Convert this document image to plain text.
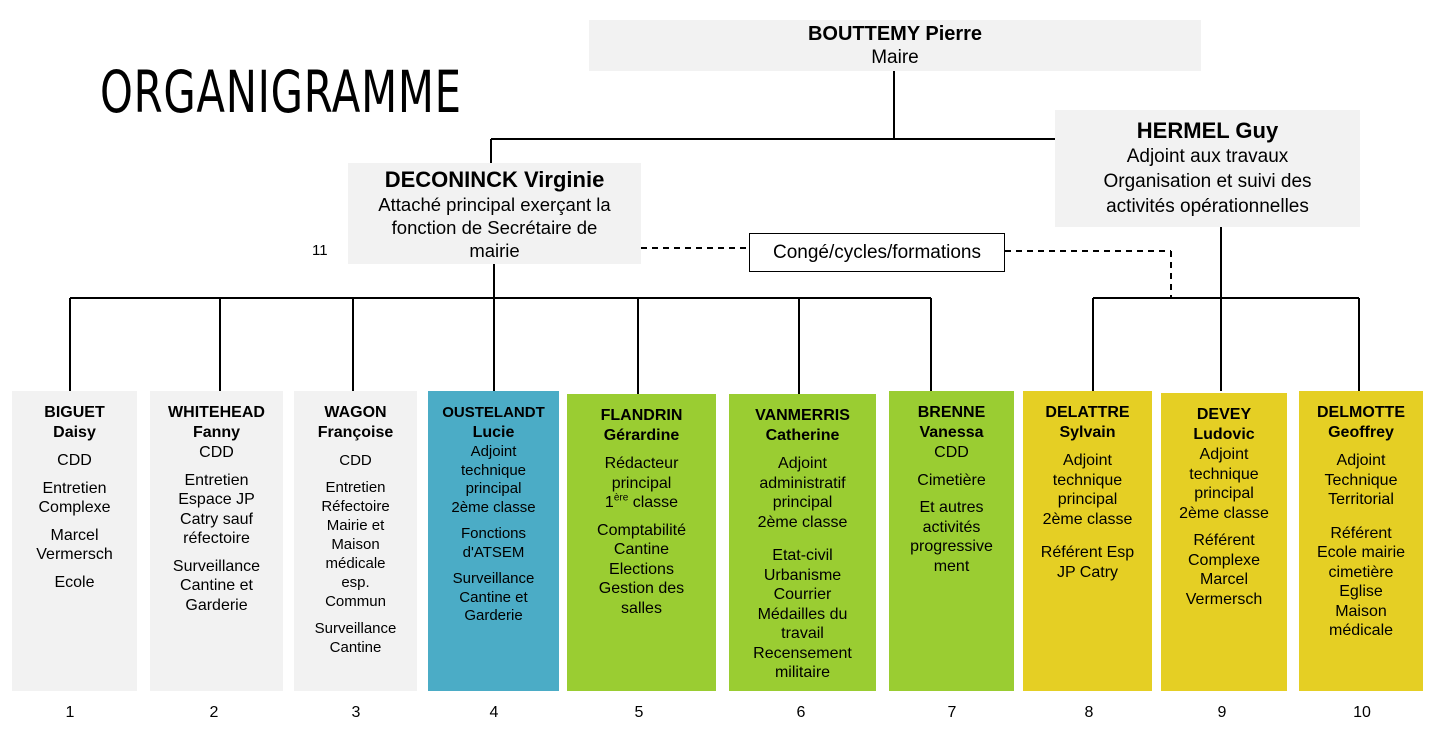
ORGANIGRAMME
BOUTTEMY Pierre
Maire
HERMEL Guy
Adjoint aux travaux
Organisation et suivi des
activités opérationnelles
DECONINCK Virginie
Attaché principal exerçant la
fonction de Secrétaire de
mairie
11	Congé/cycles/formations
BIGUET
Daisy
CDD
Entretien
Complexe
Marcel
Vermersch
Ecole
WHITEHEAD
Fanny
CDD
Entretien
Espace JP
Catry sauf
réfectoire
Surveillance
Cantine et
Garderie
WAGON
Françoise
CDD
Entretien
Réfectoire
Mairie et
Maison
médicale
esp.
Commun
Surveillance
Cantine
OUSTELANDT
Lucie
Adjoint
technique
principal
2ème classe
Fonctions
d'ATSEM
Surveillance
Cantine et
Garderie
FLANDRIN
Gérardine
Rédacteur
principal
1ère classe
Comptabilité
Cantine
Elections
Gestion des
salles
VANMERRIS
Catherine
Adjoint
administratif
principal
2ème classe
Etat-civil
Urbanisme
Courrier
Médailles du
travail
Recensement
militaire
BRENNE
Vanessa
CDD
Cimetière
Et autres
activités
progressive
ment
DELATTRE
Sylvain
Adjoint
technique
principal
2ème classe
Référent Esp
JP Catry
DEVEY
Ludovic
Adjoint
technique
principal
2ème classe
Référent
Complexe
Marcel
Vermersch
DELMOTTE
Geoffrey
Adjoint
Technique
Territorial
Référent
Ecole mairie
cimetière
Eglise
Maison
médicale
1	2	3	4	5	6	7	8	9	10
